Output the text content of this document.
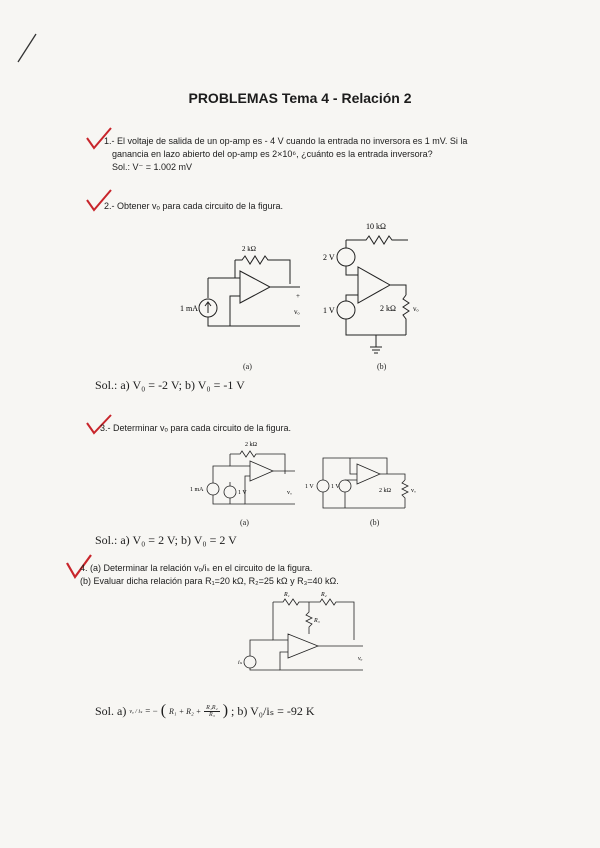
PROBLEMAS Tema 4 - Relación 2
1.- El voltaje de salida de un op-amp es - 4 V cuando la entrada no inversora es 1 mV. Si la
ganancia en lazo abierto del op-amp es 2×10⁶, ¿cuánto es la entrada inversora?
Sol.: V⁻ = 1.002 mV
2.- Obtener vₒ para cada circuito de la figura.
2 kΩ
1 mA	vₒ
+
(a)
10 kΩ
2 V
1 V	2 kΩ vₒ
(b)
Sol.: a) V₀ = -2 V; b) V₀ = -1 V
3.- Determinar vₒ para cada circuito de la figura.
2 kΩ
1 mA	1 V	vₒ
(a)
1 V	1 V
2 kΩ	vₒ
(b)
Sol.: a) V₀ = 2 V; b) V₀ = 2 V
4. (a) Determinar la relación vₒ/iₛ en el circuito de la figura.
(b) Evaluar dicha relación para R₁=20 kΩ, R₂=25 kΩ y R₃=40 kΩ.
R₁	R₂
R₃
iₛ
vₒ
Sol. a) vₒ / iₛ = − ( $R_1 + R_2 + \frac{\text{R₁R₂}}{\text{R₃}}$ ) ; b) V₀/iₛ = -92 K
